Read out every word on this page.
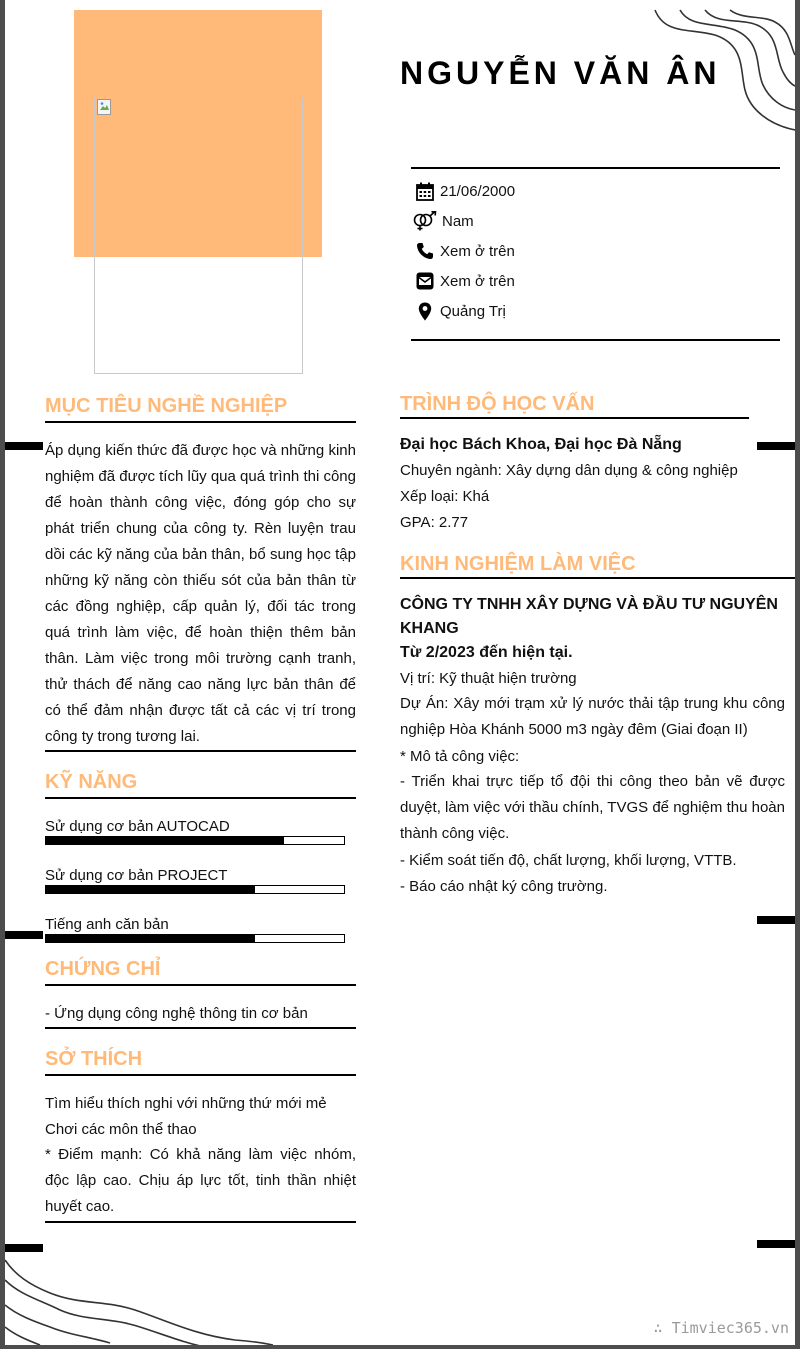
NGUYỄN VĂN ÂN
21/06/2000
Nam
Xem ở trên
Xem ở trên
Quảng Trị
MỤC TIÊU NGHỀ NGHIỆP
Áp dụng kiến thức đã được học và những kinh nghiệm đã được tích lũy qua quá trình thi công để hoàn thành công việc, đóng góp cho sự phát triển chung của công ty. Rèn luyện trau dồi các kỹ năng của bản thân, bổ sung học tập những kỹ năng còn thiếu sót của bản thân từ các đồng nghiệp, cấp quản lý, đối tác trong quá trình làm việc, để hoàn thiện thêm bản thân. Làm việc trong môi trường cạnh tranh, thử thách để năng cao năng lực bản thân để có thể đảm nhận được tất cả các vị trí trong công ty trong tương lai.
KỸ NĂNG
Sử dụng cơ bản AUTOCAD
Sử dụng cơ bản PROJECT
Tiếng anh căn bản
CHỨNG CHỈ
- Ứng dụng công nghệ thông tin cơ bản
SỞ THÍCH
Tìm hiểu thích nghi với những thứ mới mẻ
Chơi các môn thể thao
* Điểm mạnh: Có khả năng làm việc nhóm, độc lập cao. Chịu áp lực tốt, tinh thần nhiệt huyết cao.
TRÌNH ĐỘ HỌC VẤN
Đại học Bách Khoa, Đại học Đà Nẵng
Chuyên ngành: Xây dựng dân dụng & công nghiệp
Xếp loại: Khá
GPA: 2.77
KINH NGHIỆM LÀM VIỆC
CÔNG TY TNHH XÂY DỰNG VÀ ĐẦU TƯ NGUYÊN KHANG
Từ 2/2023 đến hiện tại.
Vị trí: Kỹ thuật hiện trường
Dự Án: Xây mới trạm xử lý nước thải tập trung khu công nghiệp Hòa Khánh 5000 m3 ngày đêm (Giai đoạn II)
* Mô tả công việc:
- Triển khai trực tiếp tổ đội thi công theo bản vẽ được duyệt, làm việc với thầu chính, TVGS để nghiệm thu hoàn thành công việc.
- Kiểm soát tiến độ, chất lượng, khối lượng, VTTB.
- Báo cáo nhật ký công trường.
∴ Timviec365.vn
